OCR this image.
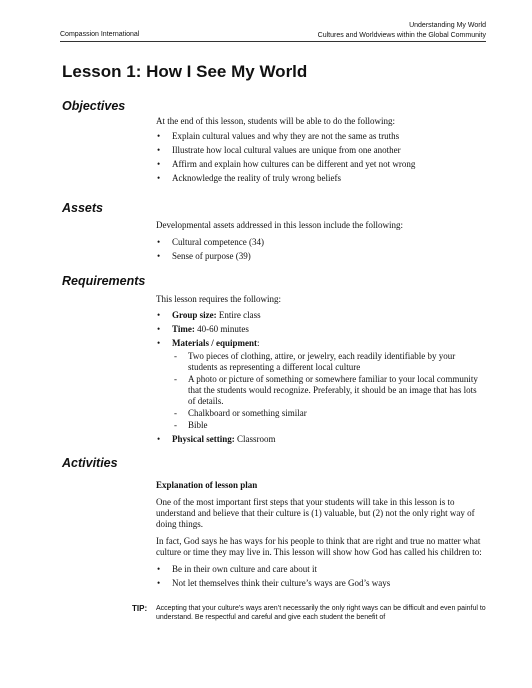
Compassion International
Understanding My World
Cultures and Worldviews within the Global Community
Lesson 1: How I See My World
Objectives

At the end of this lesson, students will be able to do the following:

• Explain cultural values and why they are not the same as truths
• Illustrate how local cultural values are unique from one another
• Affirm and explain how cultures can be different and yet not wrong
• Acknowledge the reality of truly wrong beliefs
Assets

Developmental assets addressed in this lesson include the following:

• Cultural competence (34)
• Sense of purpose (39)
Requirements

This lesson requires the following:

• Group size: Entire class
• Time: 40-60 minutes
• Materials / equipment:
- Two pieces of clothing, attire, or jewelry, each readily identifiable by your students as representing a different local culture
- A photo or picture of something or somewhere familiar to your local community that the students would recognize. Preferably, it should be an image that has lots of details.
- Chalkboard or something similar
- Bible
• Physical setting: Classroom
Activities

Explanation of lesson plan

One of the most important first steps that your students will take in this lesson is to understand and believe that their culture is (1) valuable, but (2) not the only right way of doing things.

In fact, God says he has ways for his people to think that are right and true no matter what culture or time they may live in. This lesson will show how God has called his children to:

• Be in their own culture and care about it
• Not let themselves think their culture’s ways are God’s ways
TIP: Accepting that your culture’s ways aren’t necessarily the only right ways can be difficult and even painful to understand. Be respectful and careful and give each student the benefit of
